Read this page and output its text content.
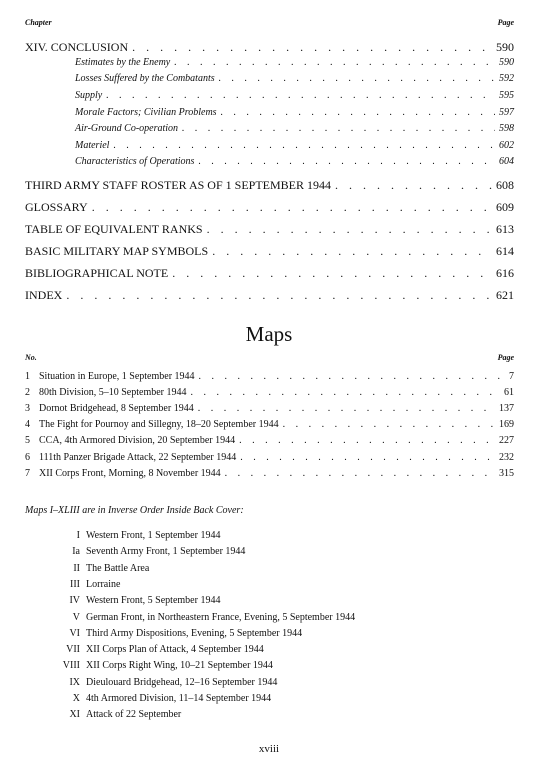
Chapter	Page
XIV. CONCLUSION . . .	590
Estimates by the Enemy . . .	590
Losses Suffered by the Combatants . . .	592
Supply . . .	595
Morale Factors; Civilian Problems . . .	597
Air-Ground Co-operation . . .	598
Materiel . . .	602
Characteristics of Operations . . .	604
THIRD ARMY STAFF ROSTER AS OF 1 SEPTEMBER 1944 . . .	608
GLOSSARY . . .	609
TABLE OF EQUIVALENT RANKS . . .	613
BASIC MILITARY MAP SYMBOLS . . .	614
BIBLIOGRAPHICAL NOTE . . .	616
INDEX . . .	621
Maps
No.	Page
1 Situation in Europe, 1 September 1944 . . .	7
2 80th Division, 5–10 September 1944 . . .	61
3 Dornot Bridgehead, 8 September 1944 . . .	137
4 The Fight for Pournoy and Sillegny, 18–20 September 1944 . . .	169
5 CCA, 4th Armored Division, 20 September 1944 . . .	227
6 111th Panzer Brigade Attack, 22 September 1944 . . .	232
7 XII Corps Front, Morning, 8 November 1944 . . .	315
Maps I–XLIII are in Inverse Order Inside Back Cover:
I Western Front, 1 September 1944
Ia Seventh Army Front, 1 September 1944
II The Battle Area
III Lorraine
IV Western Front, 5 September 1944
V German Front, in Northeastern France, Evening, 5 September 1944
VI Third Army Dispositions, Evening, 5 September 1944
VII XII Corps Plan of Attack, 4 September 1944
VIII XII Corps Right Wing, 10–21 September 1944
IX Dieulouard Bridgehead, 12–16 September 1944
X 4th Armored Division, 11–14 September 1944
XI Attack of 22 September
xviii
